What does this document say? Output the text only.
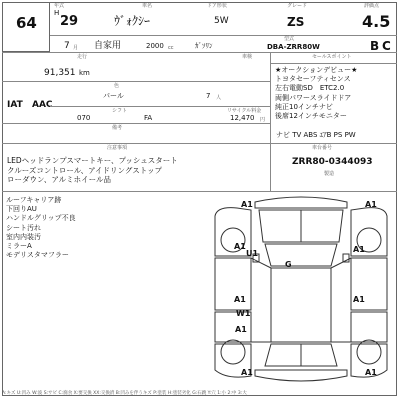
64
年式	車名	ドア形状	グレード	評価点
H
29	ｳﾞｫｸｼｰ	5W	ZS	4.5
7 月 自家用	2000 cc	ｶﾞｿﾘﾝ
型式
DBA-ZRR80W	B C
走行	車検
91,351 km
色
IAT AAC
パール	7 人
シフト	リサイクル料金
070	FA	12,470 円
備考
セールスポイント
★オークションデビュー★
トヨタセーフティセンス
左右電動SD　ETC2.0
両側パワースライドドア
純正10インチナビ
後席12インチモニター
ナビ TV ABS ｴｱB PS PW
注意事項
LEDヘッドランプスマートキー、プッシュスタート
クルーズコントロール、アイドリングストップ
ローダウン、アルミホイール品
車台番号
ZRR80-0344093
製造
ルーフキャリア跡
下回りAU
ハンドルグリップ不良
シート汚れ
室内内装汚
ミラーA
モデリスタマフラー
A1	A1
U1
A1
G
A1
A1
W1
A1
A1
A1	A1
A:キズ U:凹み W:波 S:サビ C:腐食 X:要交換 XX:交換済 B:凹みを伴うキズ P:塗装 H:塗装劣化 G:石跳 Y:穴 1:小 2:中 3:大
